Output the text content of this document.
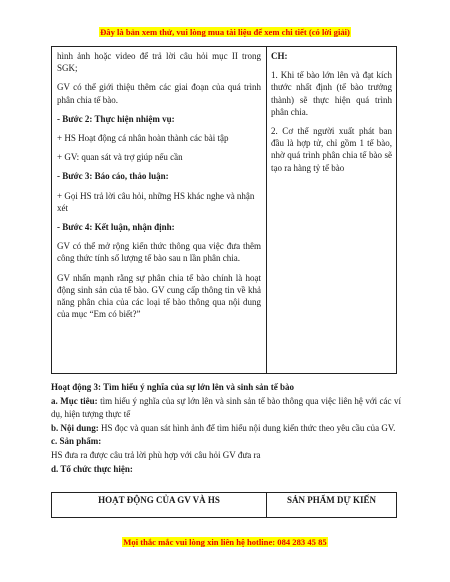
Đây là bản xem thử, vui lòng mua tài liệu để xem chi tiết (có lời giải)
hình ảnh hoặc video để trả lời câu hỏi mục II trong SGK;
GV có thể giới thiệu thêm các giai đoạn của quá trình phân chia tế bào.
- Bước 2: Thực hiện nhiệm vụ:
+ HS Hoạt động cá nhân hoàn thành các bài tập
+ GV: quan sát và trợ giúp nếu cần
- Bước 3: Báo cáo, thảo luận:
+ Gọi HS trả lời câu hỏi, những HS khác nghe và nhận xét
- Bước 4: Kết luận, nhận định:
GV có thể mở rộng kiến thức thông qua việc đưa thêm công thức tính số lượng tế bào sau n lần phân chia.
GV nhấn mạnh rằng sự phân chia tế bào chính là hoạt động sinh sản của tế bào. GV cung cấp thông tin về khả năng phân chia của các loại tế bào thông qua nội dung của mục “Em có biết?”
CH:
1. Khi tế bào lớn lên và đạt kích thước nhất định (tế bào trưởng thành) sẽ thực hiện quá trình phân chia.
2. Cơ thể người xuất phát ban đầu là hợp tử, chỉ gồm 1 tế bào, nhờ quá trình phân chia tế bào sẽ tạo ra hàng tỷ tế bào
Hoạt động 3: Tìm hiểu ý nghĩa của sự lớn lên và sinh sản tế bào
a. Mục tiêu: tìm hiểu ý nghĩa của sự lớn lên và sinh sản tế bào thông qua việc liên hệ với các ví dụ, hiện tượng thực tế
b. Nội dung: HS đọc và quan sát hình ảnh để tìm hiểu nội dung kiến thức theo yêu cầu của GV.
c. Sản phẩm:
HS đưa ra được câu trả lời phù hợp với câu hỏi GV đưa ra
d. Tổ chức thực hiện:
HOẠT ĐỘNG CỦA GV VÀ HS	SẢN PHẨM DỰ KIẾN
Mọi thắc mắc vui lòng xin liên hệ hotline: 084 283 45 85
